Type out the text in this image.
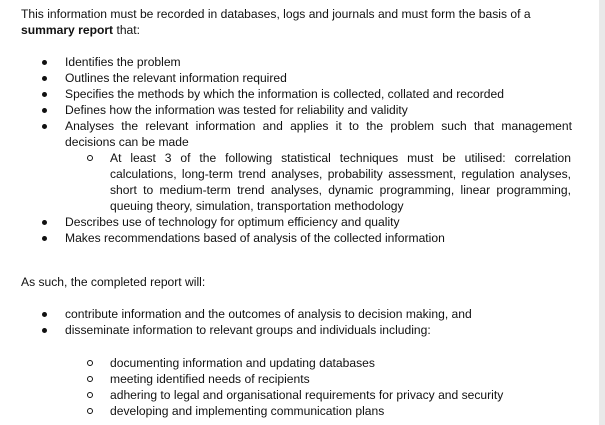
This information must be recorded in databases, logs and journals and must form the basis of a
summary report that:

Identifies the problem
Outlines the relevant information required
Specifies the methods by which the information is collected, collated and recorded
Defines how the information was tested for reliability and validity
Analyses the relevant information and applies it to the problem such that management decisions can be made
At least 3 of the following statistical techniques must be utilised: correlation calculations, long-term trend analyses, probability assessment, regulation analyses, short to medium-term trend analyses, dynamic programming, linear programming, queuing theory, simulation, transportation methodology
Describes use of technology for optimum efficiency and quality
Makes recommendations based of analysis of the collected information

As such, the completed report will:

contribute information and the outcomes of analysis to decision making, and
disseminate information to relevant groups and individuals including:
documenting information and updating databases
meeting identified needs of recipients
adhering to legal and organisational requirements for privacy and security
developing and implementing communication plans
